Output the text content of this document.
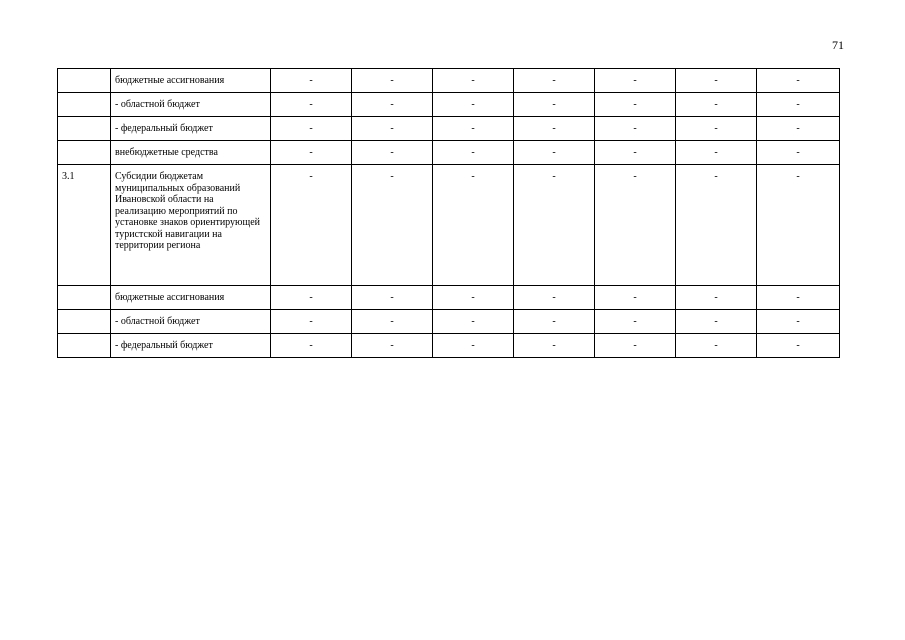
71
	бюджетные ассигнования	-	-	-	-	-	-	-
	- областной бюджет	-	-	-	-	-	-	-
	- федеральный бюджет	-	-	-	-	-	-	-
	внебюджетные средства	-	-	-	-	-	-	-
3.1	Субсидии бюджетам муниципальных образований Ивановской области на реализацию мероприятий по установке знаков ориентирующей туристской навигации на территории региона	-	-	-	-	-	-	-
	бюджетные ассигнования	-	-	-	-	-	-	-
	- областной бюджет	-	-	-	-	-	-	-
	- федеральный бюджет	-	-	-	-	-	-	-
